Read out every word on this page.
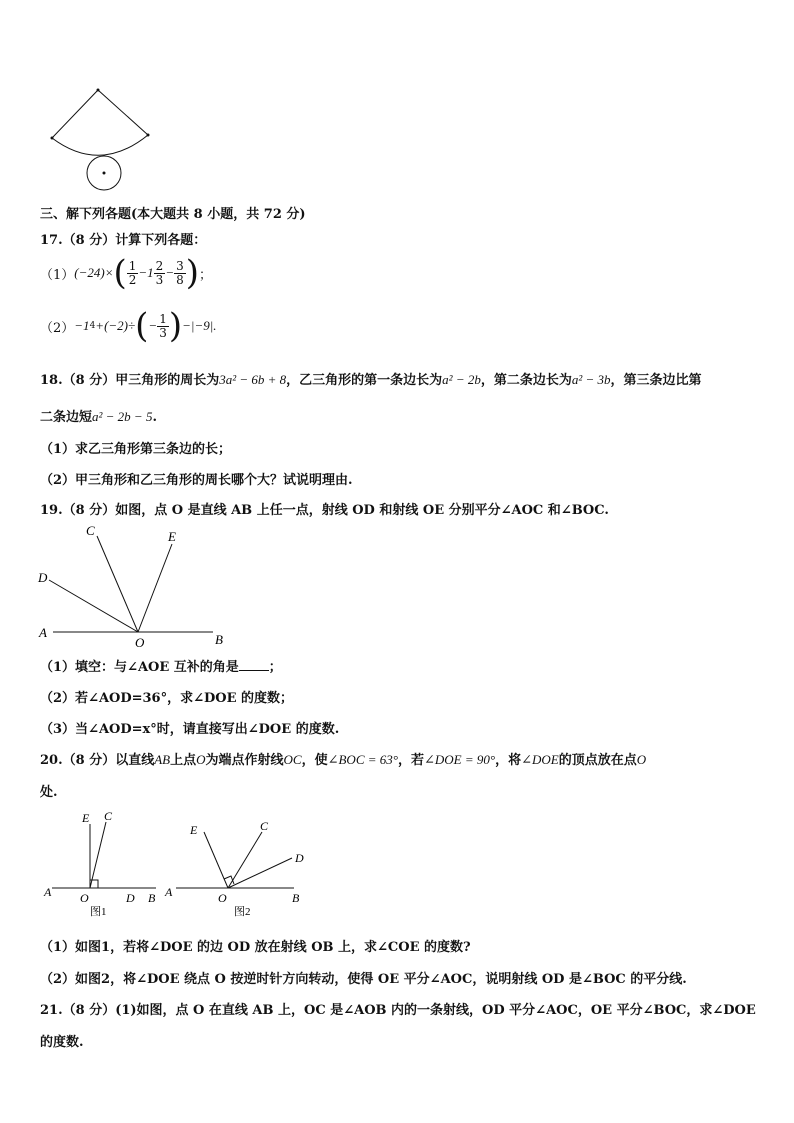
三、解下列各题(本大题共 8 小题，共 72 分)
17.（8 分）计算下列各题：
（1） (−24)× ( $\frac{1}{2} -1 \frac{2}{3} - \frac{3}{8}$ ) ；
（2） −1 4 +(−2)÷ ( − $\frac{1}{3}$ ) −|−9|.
18.（8 分）甲三角形的周长为3a² − 6b + 8，乙三角形的第一条边长为a² − 2b，第二条边长为a² − 3b，第三条边比第
二条边短a² − 2b − 5.
（1）求乙三角形第三条边的长；
（2）甲三角形和乙三角形的周长哪个大？试说明理由.
19.（8 分）如图，点 O 是直线 AB 上任一点，射线 OD 和射线 OE 分别平分∠AOC 和∠BOC.
C	E
D
A
O	B
（1）填空：与∠AOE 互补的角是 ；
（2）若∠AOD=36°，求∠DOE 的度数；
（3）当∠AOD=x°时，请直接写出∠DOE 的度数.
20.（8 分）以直线AB上点O为端点作射线OC，使∠BOC = 63°，若∠DOE = 90°，将∠DOE的顶点放在点O
处.
E C
A O	D B
图1
E	C
D
A	O	B
图2
（1）如图1，若将∠DOE 的边 OD 放在射线 OB 上，求∠COE 的度数?
（2）如图2，将∠DOE 绕点 O 按逆时针方向转动，使得 OE 平分∠AOC，说明射线 OD 是∠BOC 的平分线.
21.（8 分）(1)如图，点 O 在直线 AB 上，OC 是∠AOB 内的一条射线，OD 平分∠AOC，OE 平分∠BOC，求∠DOE
的度数.
